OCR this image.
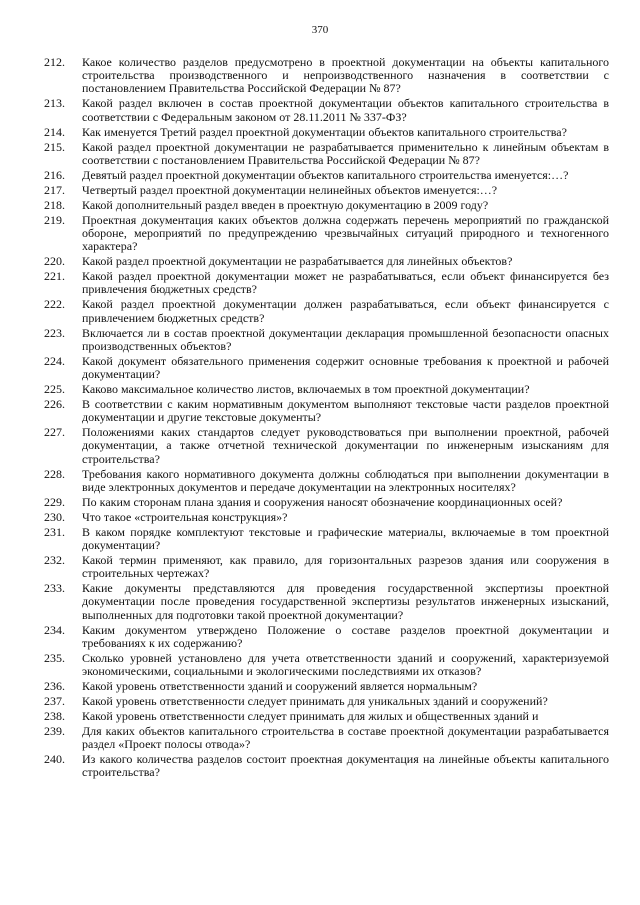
370
212.	Какое количество разделов предусмотрено в проектной документации на объекты капитального строительства производственного и непроизводственного назначения в соответствии с постановлением Правительства Российской Федерации № 87?
213.	Какой раздел включен в состав проектной документации объектов капитального строительства в соответствии с Федеральным законом от 28.11.2011 № 337-ФЗ?
214.	Как именуется Третий раздел проектной документации объектов капитального строительства?
215.	Какой раздел проектной документации не разрабатывается применительно к линейным объектам в соответствии с постановлением Правительства Российской Федерации № 87?
216.	Девятый раздел проектной документации объектов капитального строительства именуется:…?
217.	Четвертый раздел проектной документации нелинейных объектов именуется:…?
218.	Какой дополнительный раздел введен в проектную документацию в 2009 году?
219.	Проектная документация каких объектов должна содержать перечень мероприятий по гражданской обороне, мероприятий по предупреждению чрезвычайных ситуаций природного и техногенного характера?
220.	Какой раздел проектной документации не разрабатывается для линейных объектов?
221.	Какой раздел проектной документации может не разрабатываться, если объект финансируется без привлечения бюджетных средств?
222.	Какой раздел проектной документации должен разрабатываться, если объект финансируется с привлечением бюджетных средств?
223.	Включается ли в состав проектной документации декларация промышленной безопасности опасных производственных объектов?
224.	Какой документ обязательного применения содержит основные требования к проектной и рабочей документации?
225.	Каково максимальное количество листов, включаемых в том проектной документации?
226.	В соответствии с каким нормативным документом выполняют текстовые части разделов проектной документации и другие текстовые документы?
227.	Положениями каких стандартов следует руководствоваться при выполнении проектной, рабочей документации, а также отчетной технической документации по инженерным изысканиям для строительства?
228.	Требования какого нормативного документа должны соблюдаться при выполнении документации в виде электронных документов и передаче документации на электронных носителях?
229.	По каким сторонам плана здания и сооружения наносят обозначение координационных осей?
230.	Что такое «строительная конструкция»?
231.	В каком порядке комплектуют текстовые и графические материалы, включаемые в том проектной документации?
232.	Какой термин применяют, как правило, для горизонтальных разрезов здания или сооружения в строительных чертежах?
233.	Какие документы представляются для проведения государственной экспертизы проектной документации после проведения государственной экспертизы результатов инженерных изысканий, выполненных для подготовки такой проектной документации?
234.	Каким документом утверждено Положение о составе разделов проектной документации и требованиях к их содержанию?
235.	Сколько уровней установлено для учета ответственности зданий и сооружений, характеризуемой экономическими, социальными и экологическими последствиями их отказов?
236.	Какой уровень ответственности зданий и сооружений является нормальным?
237.	Какой уровень ответственности следует принимать для уникальных зданий и сооружений?
238.	Какой уровень ответственности следует принимать для жилых и общественных зданий и
239.	Для каких объектов капитального строительства в составе проектной документации разрабатывается раздел «Проект полосы отвода»?
240.	Из какого количества разделов состоит проектная документация на линейные объекты капитального строительства?
